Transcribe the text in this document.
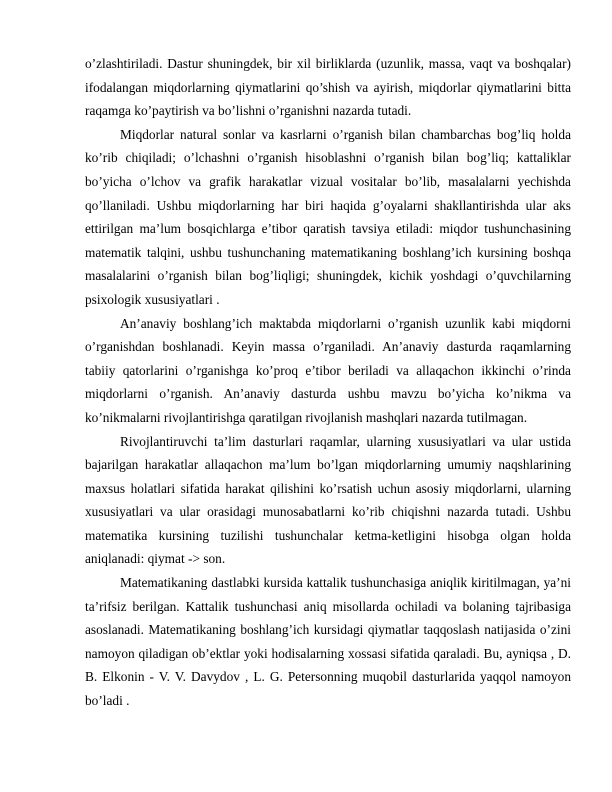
o’zlashtiriladi. Dastur shuningdek, bir xil birliklarda (uzunlik, massa, vaqt va boshqalar) ifodalangan miqdorlarning qiymatlarini qo’shish va ayirish, miqdorlar qiymatlarini bitta raqamga ko’paytirish va bo’lishni o’rganishni nazarda tutadi.

Miqdorlar natural sonlar va kasrlarni o’rganish bilan chambarchas bog’liq holda ko’rib chiqiladi; o’lchashni o’rganish hisoblashni o’rganish bilan bog’liq; kattaliklar bo’yicha o’lchov va grafik harakatlar vizual vositalar bo’lib, masalalarni yechishda qo’llaniladi. Ushbu miqdorlarning har biri haqida g’oyalarni shakllantirishda ular aks ettirilgan ma’lum bosqichlarga e’tibor qaratish tavsiya etiladi: miqdor tushunchasining matematik talqini, ushbu tushunchaning matematikaning boshlang’ich kursining boshqa masalalarini o’rganish bilan bog’liqligi; shuningdek, kichik yoshdagi o’quvchilarning psixologik xususiyatlari .

An’anaviy boshlang’ich maktabda miqdorlarni o’rganish uzunlik kabi miqdorni o’rganishdan boshlanadi. Keyin massa o’rganiladi. An’anaviy dasturda raqamlarning tabiiy qatorlarini o’rganishga ko’proq e’tibor beriladi va allaqachon ikkinchi o’rinda miqdorlarni o’rganish. An’anaviy dasturda ushbu mavzu bo’yicha ko’nikma va ko’nikmalarni rivojlantirishga qaratilgan rivojlanish mashqlari nazarda tutilmagan.

Rivojlantiruvchi ta’lim dasturlari raqamlar, ularning xususiyatlari va ular ustida bajarilgan harakatlar allaqachon ma’lum bo’lgan miqdorlarning umumiy naqshlarining maxsus holatlari sifatida harakat qilishini ko’rsatish uchun asosiy miqdorlarni, ularning xususiyatlari va ular orasidagi munosabatlarni ko’rib chiqishni nazarda tutadi. Ushbu matematika kursining tuzilishi tushunchalar ketma-ketligini hisobga olgan holda aniqlanadi: qiymat -> son.

Matematikaning dastlabki kursida kattalik tushunchasiga aniqlik kiritilmagan, ya’ni ta’rifsiz berilgan. Kattalik tushunchasi aniq misollarda ochiladi va bolaning tajribasiga asoslanadi. Matematikaning boshlang’ich kursidagi qiymatlar taqqoslash natijasida o’zini namoyon qiladigan ob’ektlar yoki hodisalarning xossasi sifatida qaraladi. Bu, ayniqsa , D. B. Elkonin - V. V. Davydov , L. G. Petersonning muqobil dasturlarida yaqqol namoyon bo’ladi .
